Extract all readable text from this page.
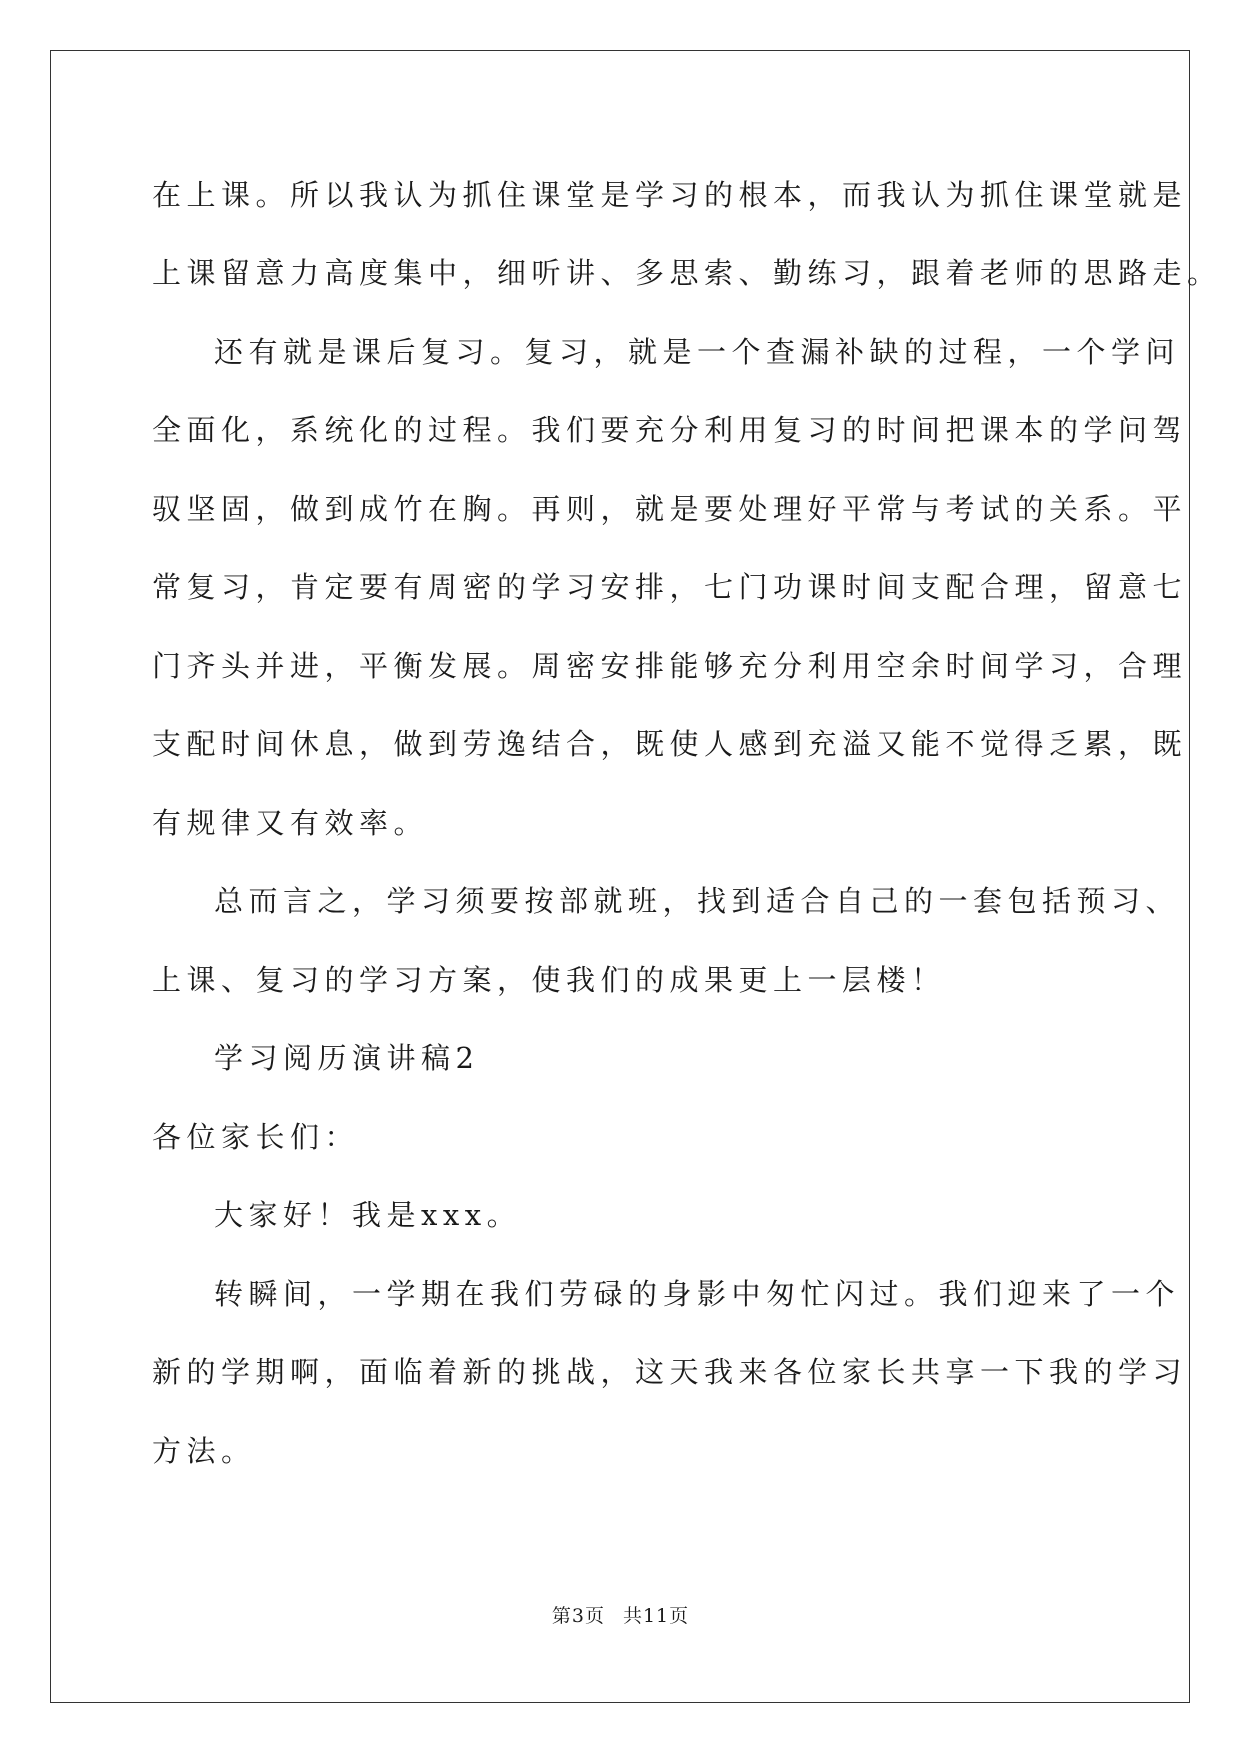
在上课。所以我认为抓住课堂是学习的根本，而我认为抓住课堂就是
上课留意力高度集中，细听讲、多思索、勤练习，跟着老师的思路走。
还有就是课后复习。复习，就是一个查漏补缺的过程，一个学问
全面化，系统化的过程。我们要充分利用复习的时间把课本的学问驾
驭坚固，做到成竹在胸。再则，就是要处理好平常与考试的关系。平
常复习，肯定要有周密的学习安排，七门功课时间支配合理，留意七
门齐头并进，平衡发展。周密安排能够充分利用空余时间学习，合理
支配时间休息，做到劳逸结合，既使人感到充溢又能不觉得乏累，既
有规律又有效率。
总而言之，学习须要按部就班，找到适合自己的一套包括预习、
上课、复习的学习方案，使我们的成果更上一层楼！
学习阅历演讲稿2
各位家长们：
大家好！我是xxx。
转瞬间，一学期在我们劳碌的身影中匆忙闪过。我们迎来了一个
新的学期啊，面临着新的挑战，这天我来各位家长共享一下我的学习
方法。
第3页 共11页
